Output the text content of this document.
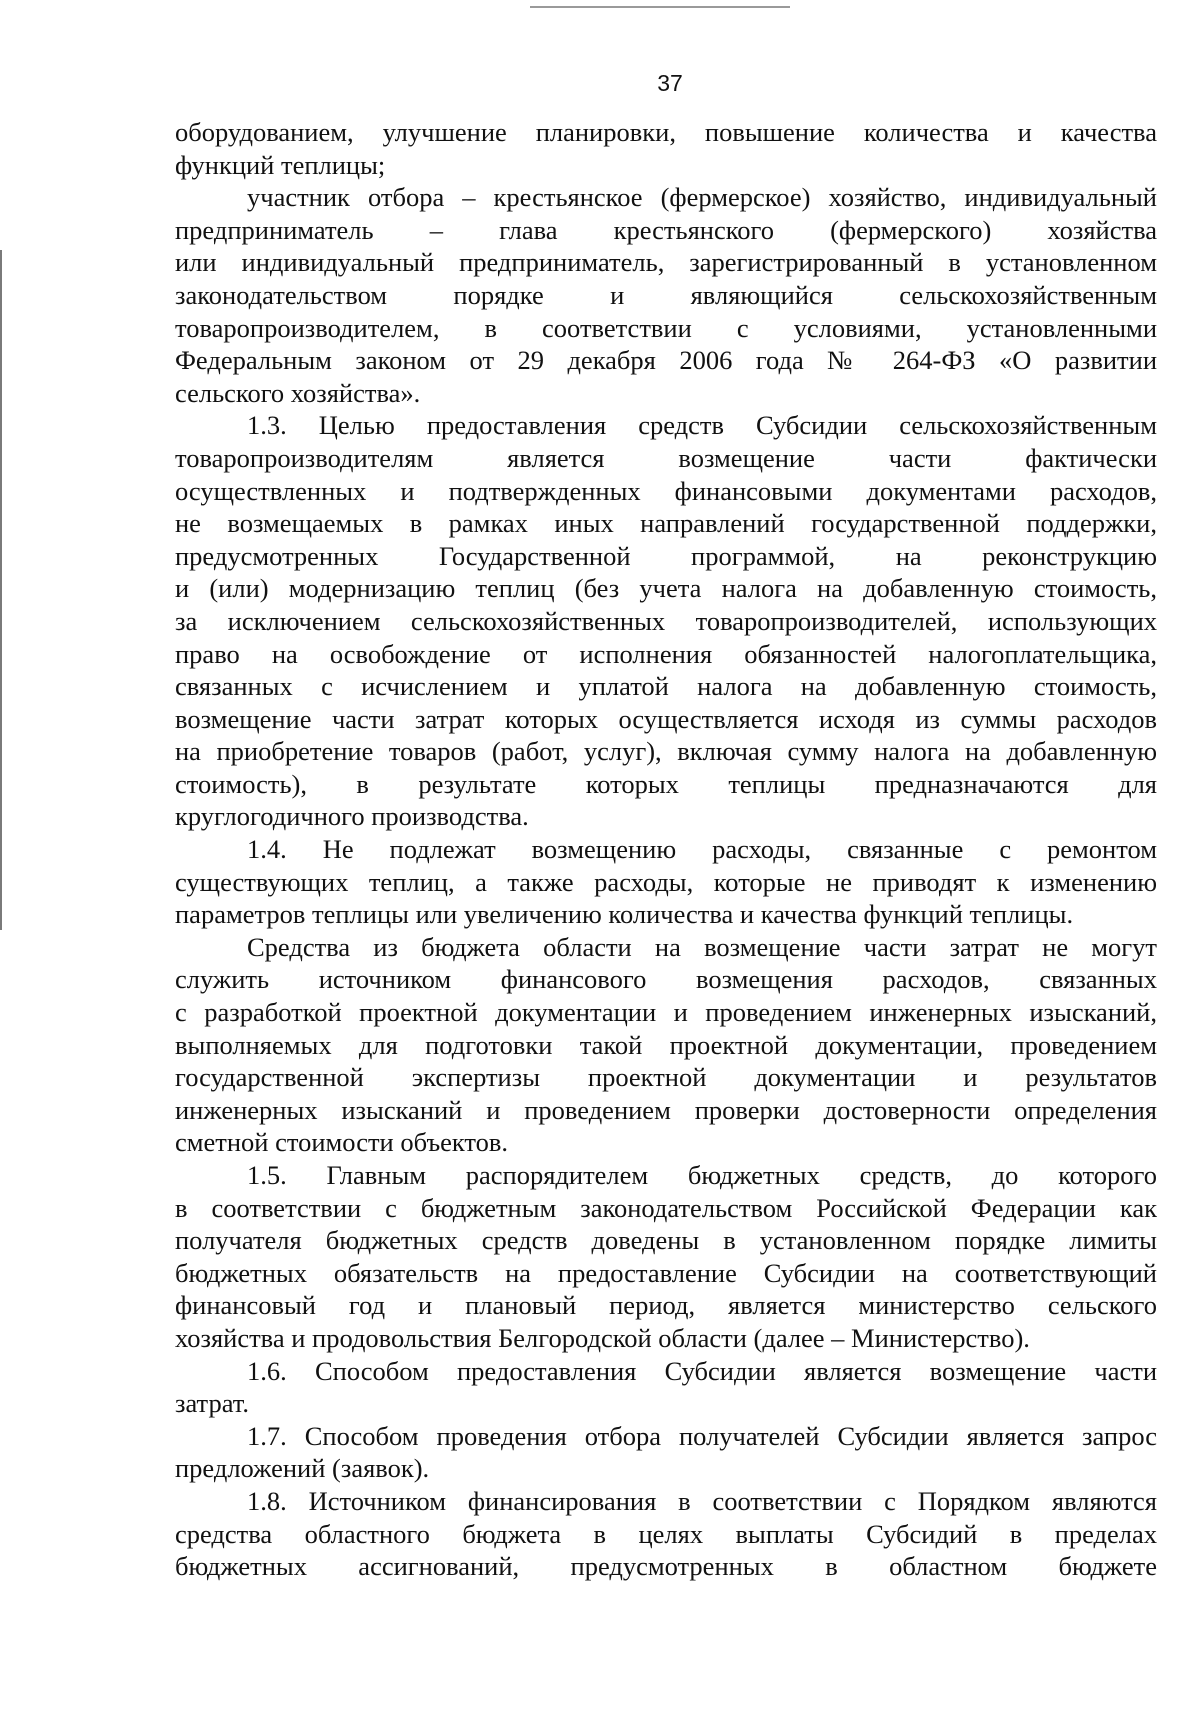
37
оборудованием, улучшение планировки, повышение количества и качества
функций теплицы;
участник отбора – крестьянское (фермерское) хозяйство, индивидуальный
предприниматель – глава крестьянского (фермерского) хозяйства
или индивидуальный предприниматель, зарегистрированный в установленном
законодательством порядке и являющийся сельскохозяйственным
товаропроизводителем, в соответствии с условиями, установленными
Федеральным законом от 29 декабря 2006 года № 264-ФЗ «О развитии
сельского хозяйства».
1.3. Целью предоставления средств Субсидии сельскохозяйственным
товаропроизводителям является возмещение части фактически
осуществленных и подтвержденных финансовыми документами расходов,
не возмещаемых в рамках иных направлений государственной поддержки,
предусмотренных Государственной программой, на реконструкцию
и (или) модернизацию теплиц (без учета налога на добавленную стоимость,
за исключением сельскохозяйственных товаропроизводителей, использующих
право на освобождение от исполнения обязанностей налогоплательщика,
связанных с исчислением и уплатой налога на добавленную стоимость,
возмещение части затрат которых осуществляется исходя из суммы расходов
на приобретение товаров (работ, услуг), включая сумму налога на добавленную
стоимость), в результате которых теплицы предназначаются для
круглогодичного производства.
1.4. Не подлежат возмещению расходы, связанные с ремонтом
существующих теплиц, а также расходы, которые не приводят к изменению
параметров теплицы или увеличению количества и качества функций теплицы.
Средства из бюджета области на возмещение части затрат не могут
служить источником финансового возмещения расходов, связанных
с разработкой проектной документации и проведением инженерных изысканий,
выполняемых для подготовки такой проектной документации, проведением
государственной экспертизы проектной документации и результатов
инженерных изысканий и проведением проверки достоверности определения
сметной стоимости объектов.
1.5. Главным распорядителем бюджетных средств, до которого
в соответствии с бюджетным законодательством Российской Федерации как
получателя бюджетных средств доведены в установленном порядке лимиты
бюджетных обязательств на предоставление Субсидии на соответствующий
финансовый год и плановый период, является министерство сельского
хозяйства и продовольствия Белгородской области (далее – Министерство).
1.6. Способом предоставления Субсидии является возмещение части
затрат.
1.7. Способом проведения отбора получателей Субсидии является запрос
предложений (заявок).
1.8. Источником финансирования в соответствии с Порядком являются
средства областного бюджета в целях выплаты Субсидий в пределах
бюджетных ассигнований, предусмотренных в областном бюджете
